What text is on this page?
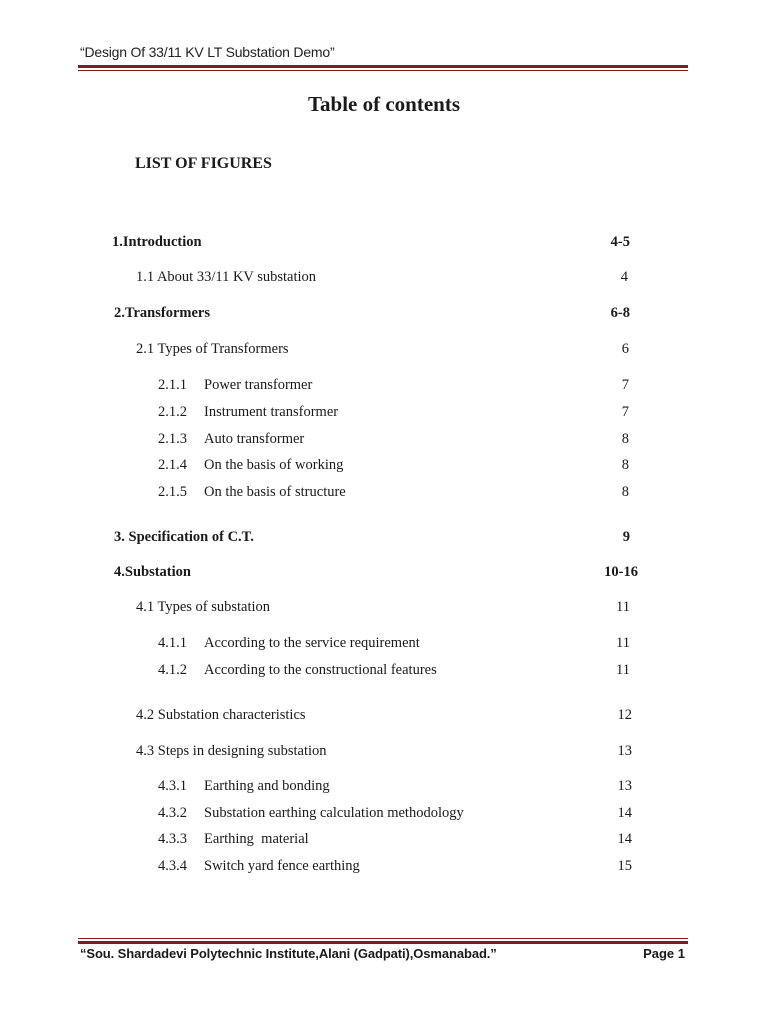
“Design Of 33/11 KV LT Substation Demo”
Table of contents
LIST OF FIGURES
1.Introduction	4-5
1.1 About 33/11 KV substation	4
2.Transformers	6-8
2.1 Types of Transformers	6
2.1.1 Power transformer	7
2.1.2 Instrument transformer	7
2.1.3 Auto transformer	8
2.1.4 On the basis of working	8
2.1.5 On the basis of structure	8
3. Specification of C.T.	9
4.Substation	10-16
4.1 Types of substation	11
4.1.1 According to the service requirement	11
4.1.2 According to the constructional features	11
4.2 Substation characteristics	12
4.3 Steps in designing substation	13
4.3.1 Earthing and bonding	13
4.3.2 Substation earthing calculation methodology	14
4.3.3 Earthing  material	14
4.3.4 Switch yard fence earthing	15
“Sou. Shardadevi Polytechnic Institute,Alani (Gadpati),Osmanabad.”	Page 1
